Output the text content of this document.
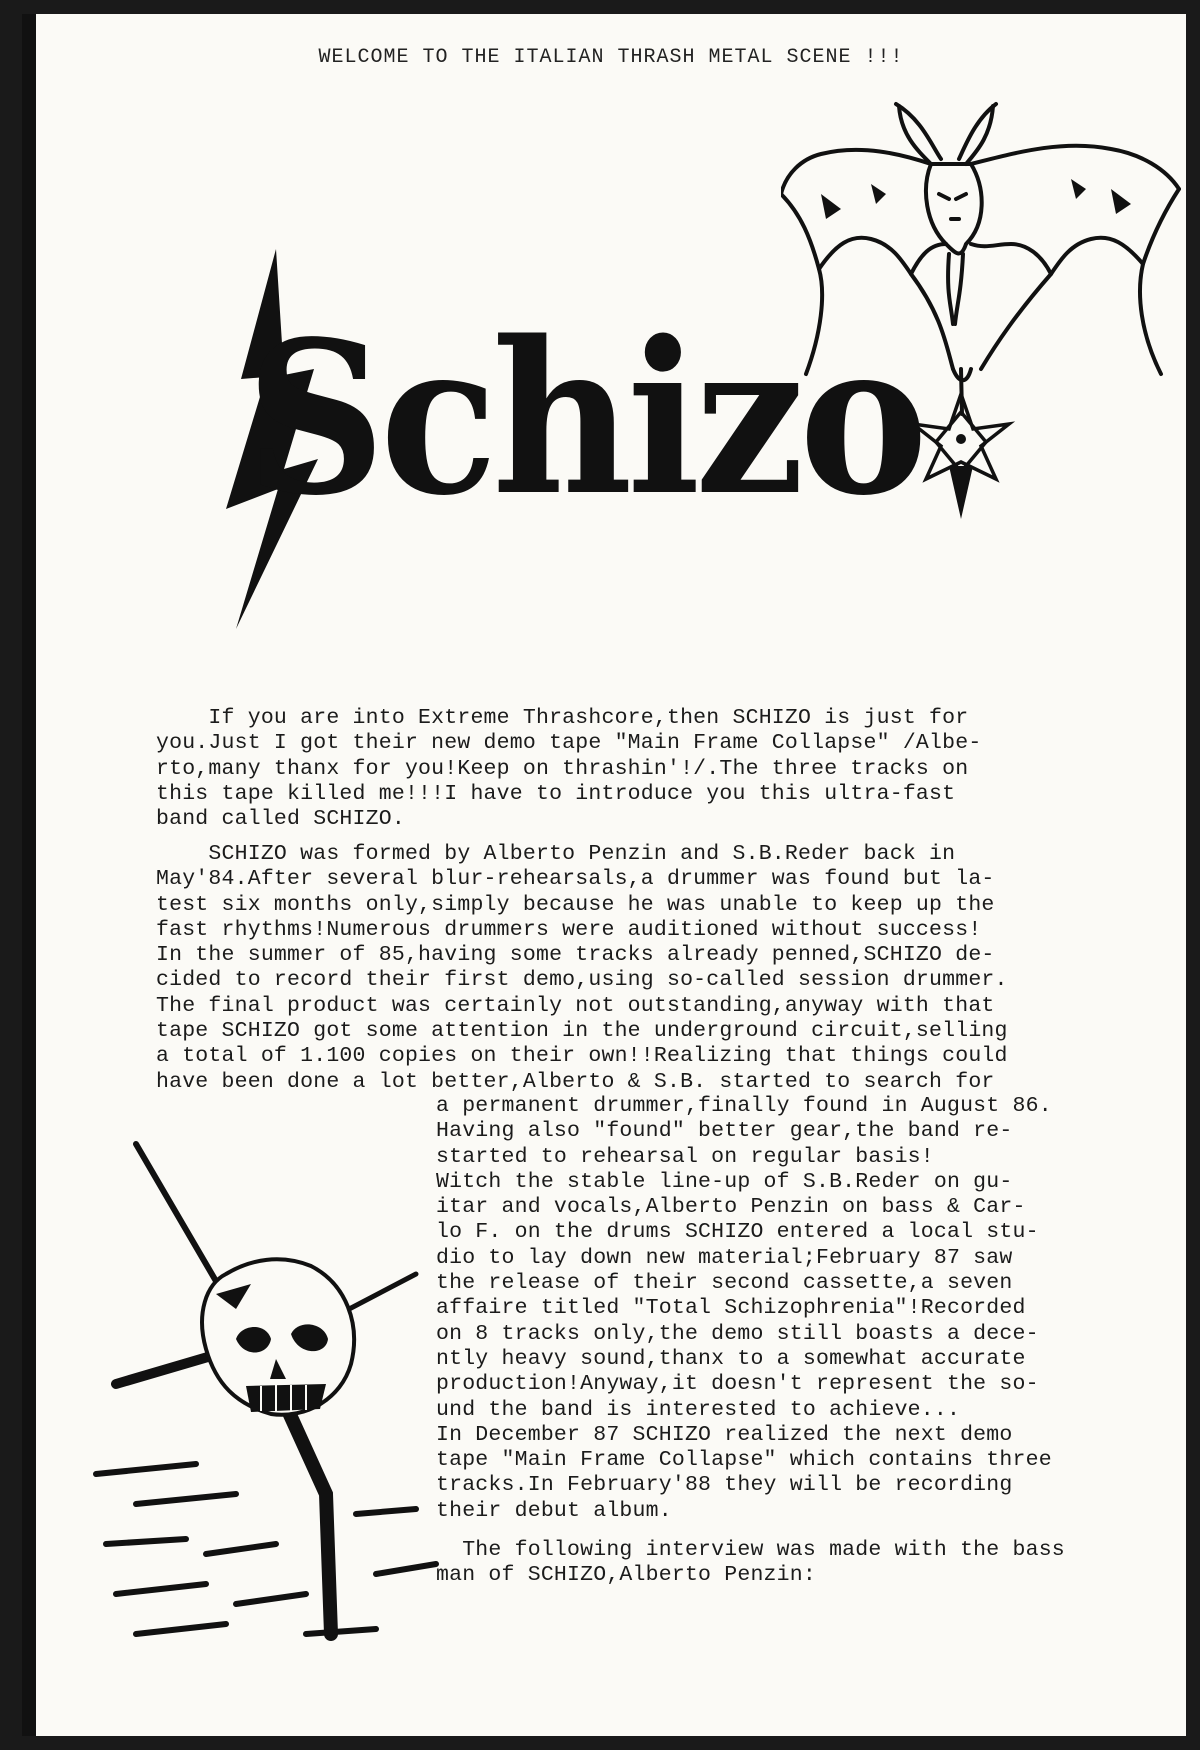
WELCOME TO THE ITALIAN THRASH METAL SCENE !!!
Schizo
If you are into Extreme Thrashcore,then SCHIZO is just for
you.Just I got their new demo tape "Main Frame Collapse" /Albe-
rto,many thanx for you!Keep on thrashin'!/.The three tracks on
this tape killed me!!!I have to introduce you this ultra-fast
band called SCHIZO.
SCHIZO was formed by Alberto Penzin and S.B.Reder back in
May'84.After several blur-rehearsals,a drummer was found but la-
test six months only,simply because he was unable to keep up the
fast rhythms!Numerous drummers were auditioned without success!
In the summer of 85,having some tracks already penned,SCHIZO de-
cided to record their first demo,using so-called session drummer.
The final product was certainly not outstanding,anyway with that
tape SCHIZO got some attention in the underground circuit,selling
a total of 1.100 copies on their own!!Realizing that things could
have been done a lot better,Alberto & S.B. started to search for
a permanent drummer,finally found in August 86.
Having also "found" better gear,the band re-
started to rehearsal on regular basis!
Witch the stable line-up of S.B.Reder on gu-
itar and vocals,Alberto Penzin on bass & Car-
lo F. on the drums SCHIZO entered a local stu-
dio to lay down new material;February 87 saw
the release of their second cassette,a seven
affaire titled "Total Schizophrenia"!Recorded
on 8 tracks only,the demo still boasts a dece-
ntly heavy sound,thanx to a somewhat accurate
production!Anyway,it doesn't represent the so-
und the band is interested to achieve...
In December 87 SCHIZO realized the next demo
tape "Main Frame Collapse" which contains three
tracks.In February'88 they will be recording
their debut album.
The following interview was made with the bass
man of SCHIZO,Alberto Penzin:
